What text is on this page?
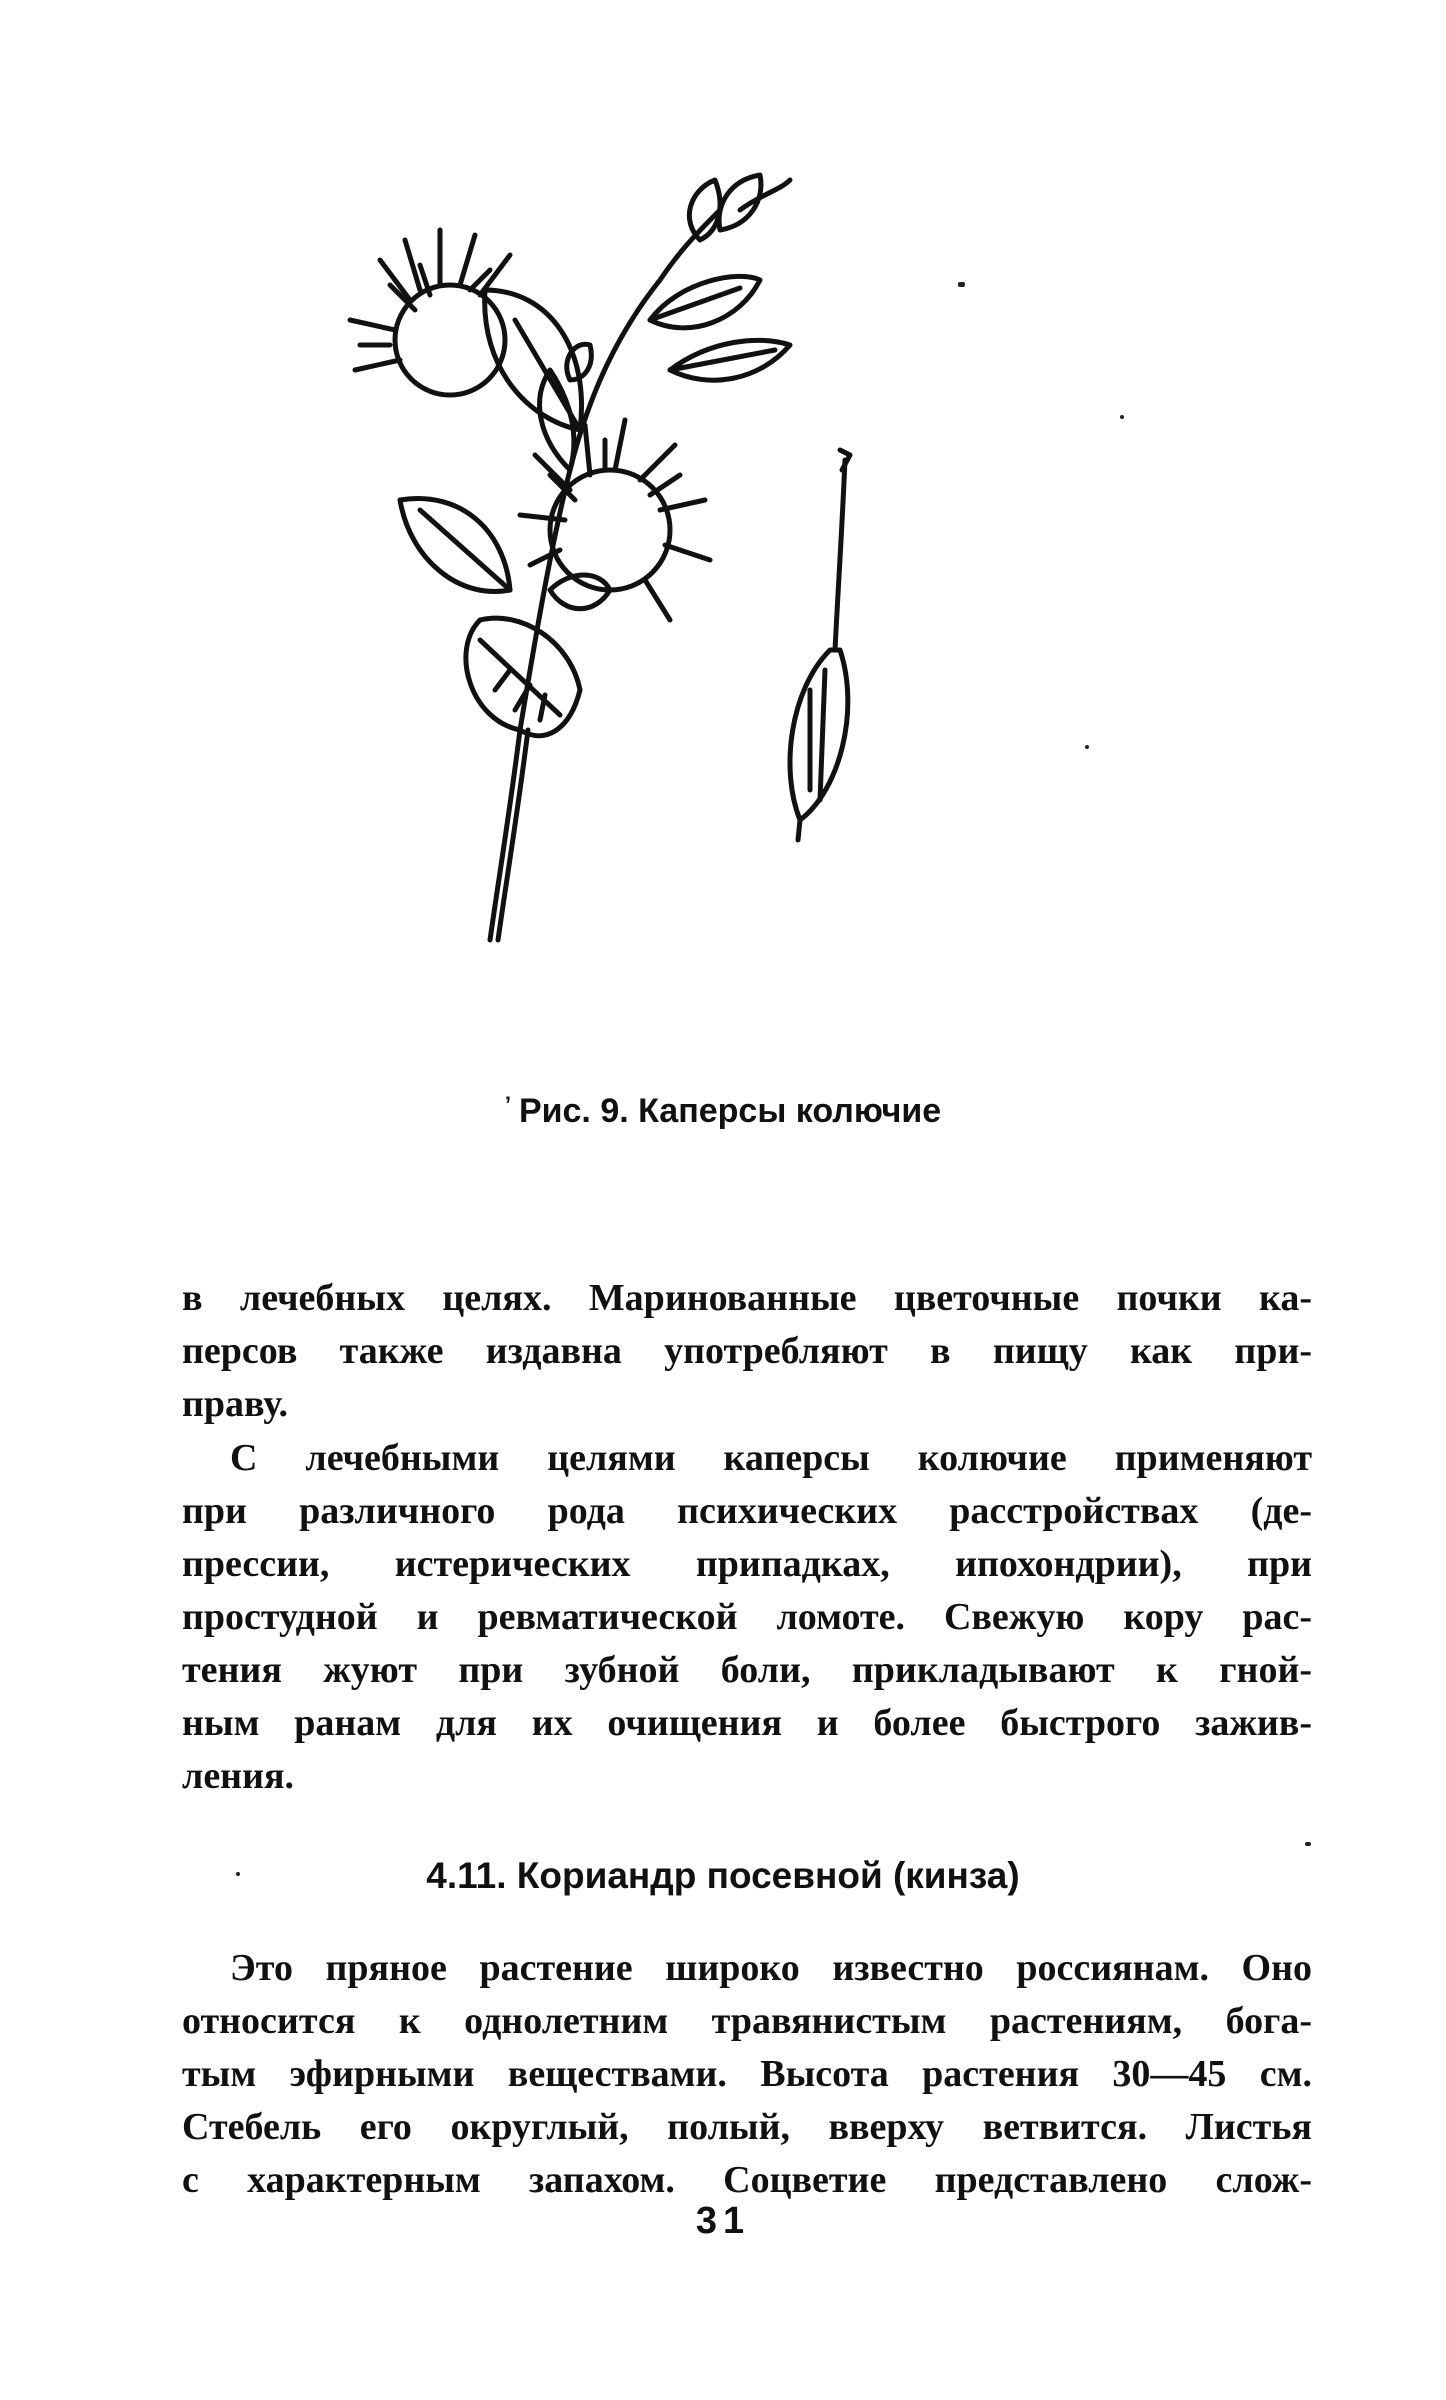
’ Рис. 9. Каперсы колючие
в лечебных целях. Маринованные цветочные почки ка-
перcов также издавна употребляют в пищу как при-
праву.
С лечебными целями каперсы колючие применяют
при различного рода психических расстройствах (де-
прессии, истерических припадках, ипохондрии), при
простудной и ревматической ломоте. Свежую кору рас-
тения жуют при зубной боли, прикладывают к гной-
ным ранам для их очищения и более быстрого зажив-
ления.
4.11. Кориандр посевной (кинза)
Это пряное растение широко известно россиянам. Оно
относится к однолетним травянистым растениям, бога-
тым эфирными веществами. Высота растения 30—45 см.
Стебель его округлый, полый, вверху ветвится. Листья
с характерным запахом. Соцветие представлено слож-
31
